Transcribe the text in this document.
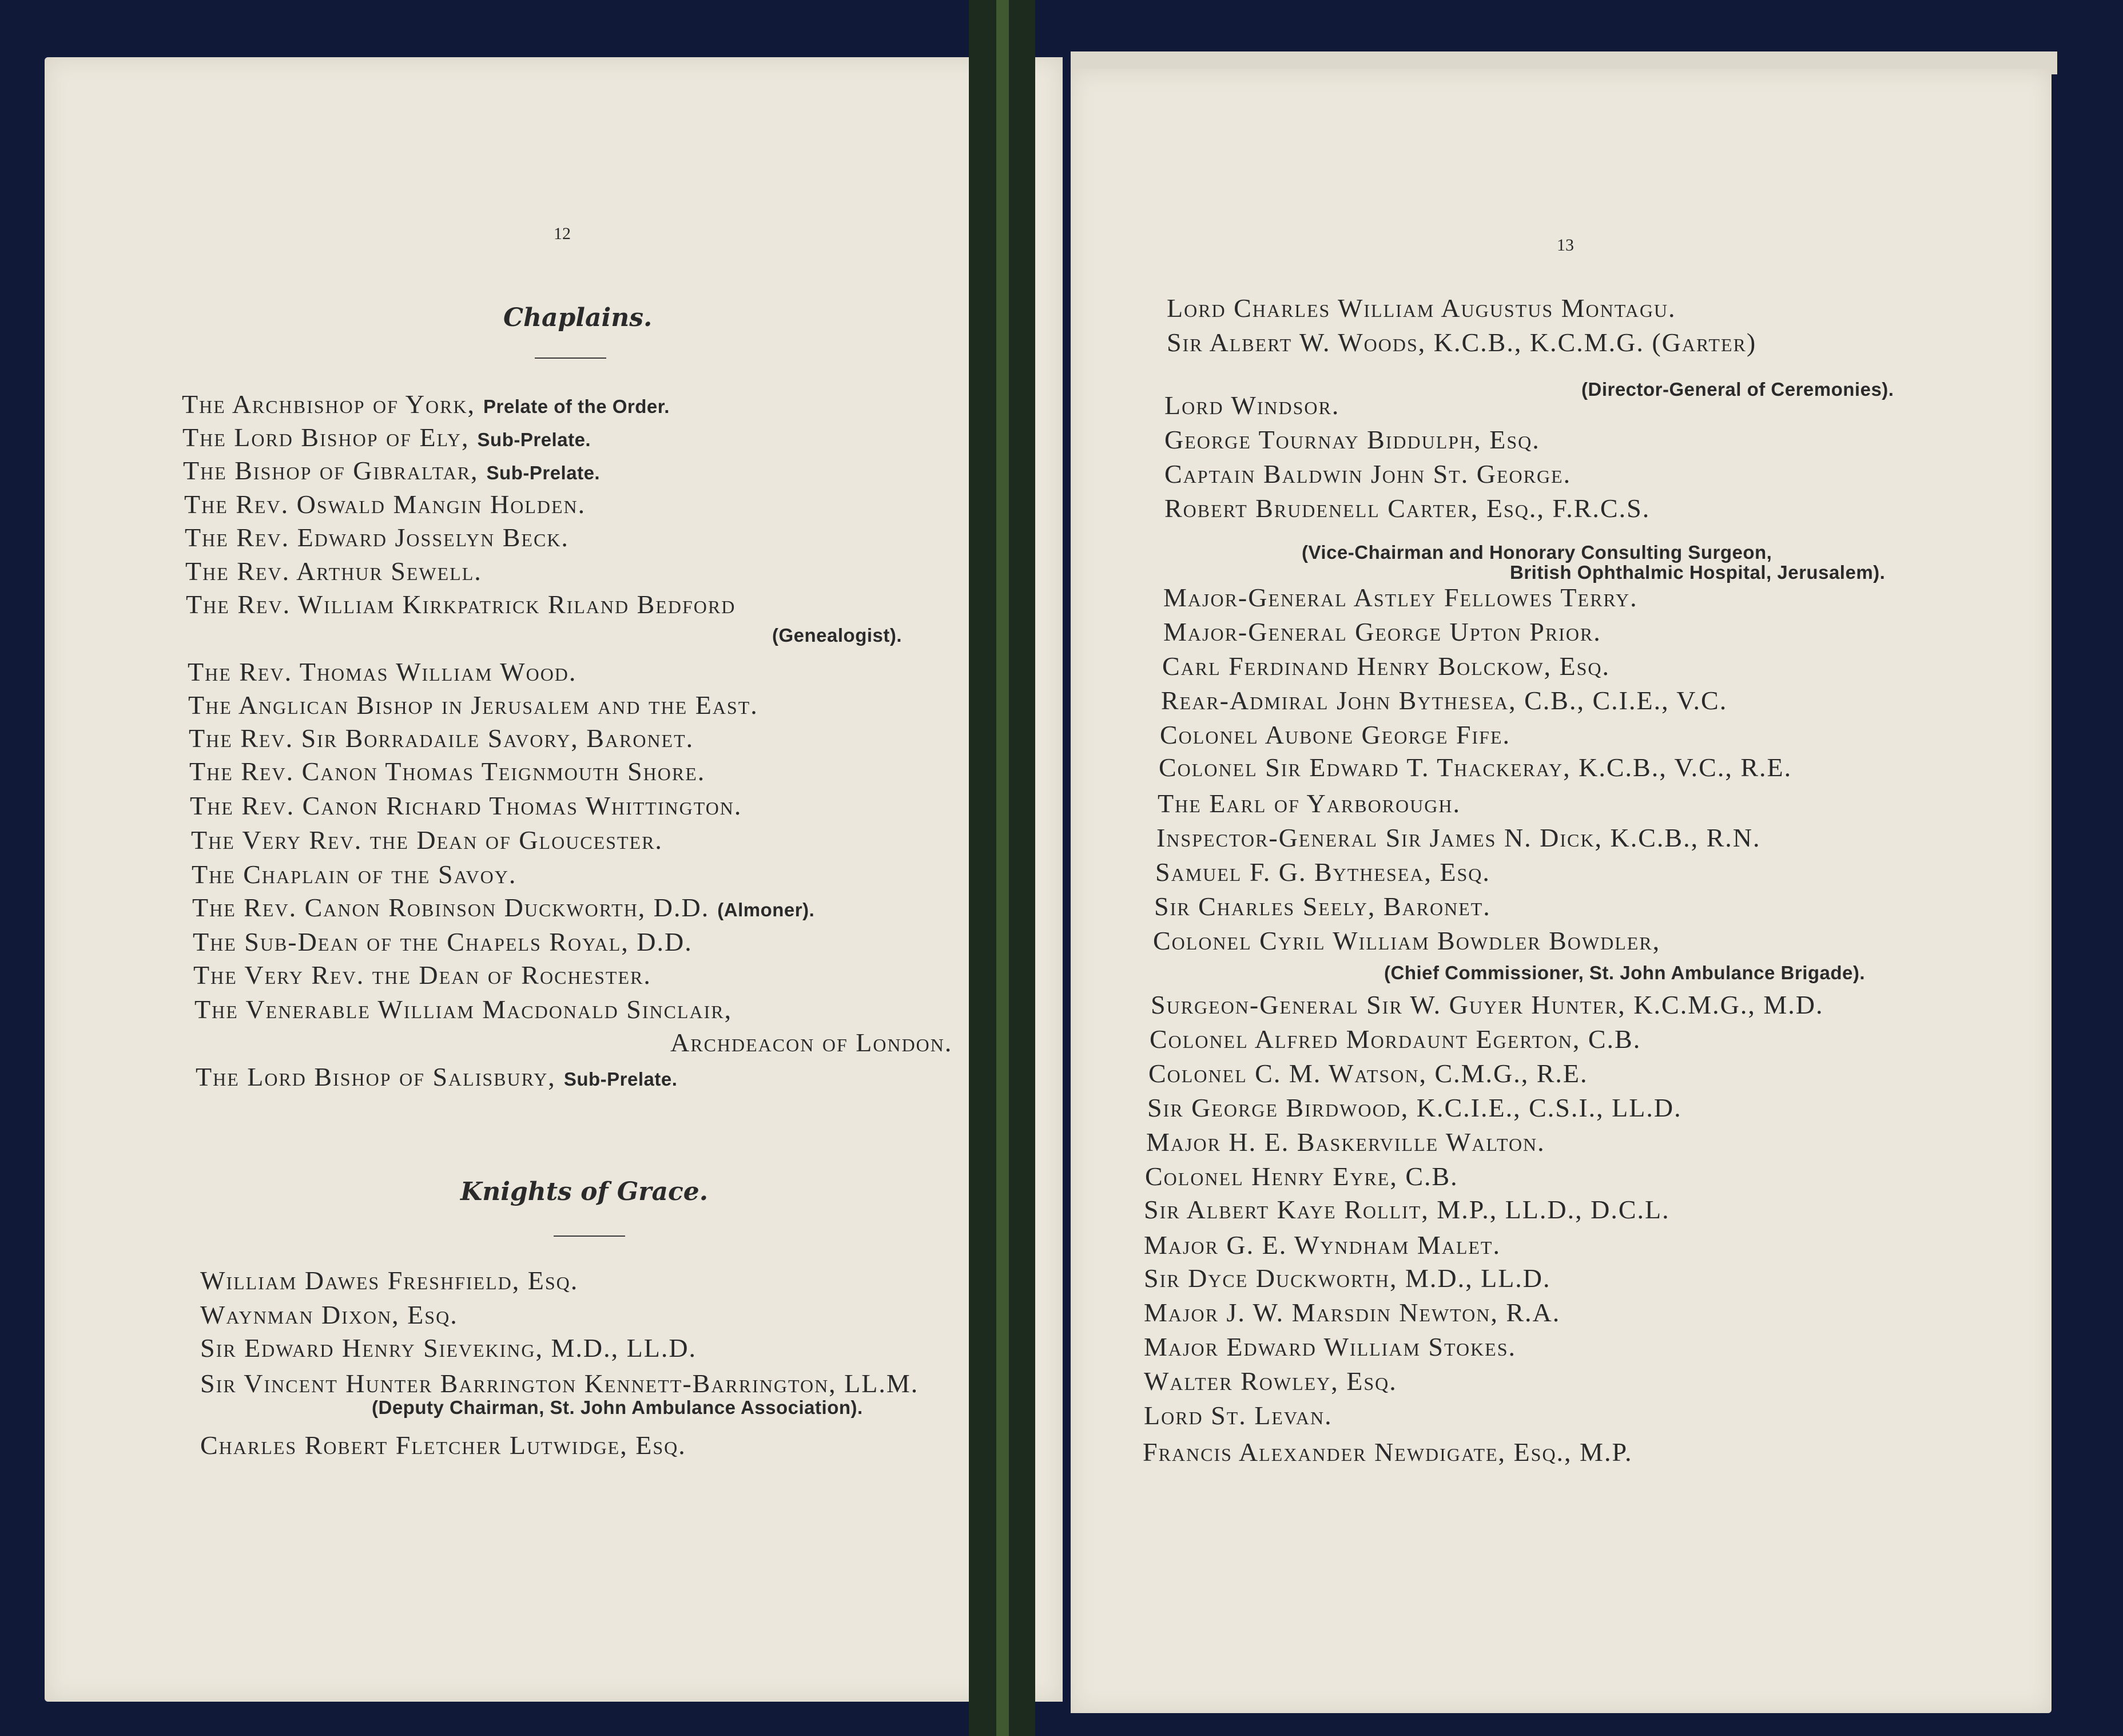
12
Chaplains.
The Archbishop of York, Prelate of the Order.
The Lord Bishop of Ely, Sub-Prelate.
The Bishop of Gibraltar, Sub-Prelate.
The Rev. Oswald Mangin Holden.
The Rev. Edward Josselyn Beck.
The Rev. Arthur Sewell.
The Rev. William Kirkpatrick Riland Bedford
(Genealogist).
The Rev. Thomas William Wood.
The Anglican Bishop in Jerusalem and the East.
The Rev. Sir Borradaile Savory, Baronet.
The Rev. Canon Thomas Teignmouth Shore.
The Rev. Canon Richard Thomas Whittington.
The Very Rev. the Dean of Gloucester.
The Chaplain of the Savoy.
The Rev. Canon Robinson Duckworth, D.D. (Almoner).
The Sub-Dean of the Chapels Royal, D.D.
The Very Rev. the Dean of Rochester.
The Venerable William Macdonald Sinclair,
Archdeacon of London.
The Lord Bishop of Salisbury, Sub-Prelate.
Knights of Grace.
William Dawes Freshfield, Esq.
Waynman Dixon, Esq.
Sir Edward Henry Sieveking, M.D., LL.D.
Sir Vincent Hunter Barrington Kennett-Barrington, LL.M.
(Deputy Chairman, St. John Ambulance Association).
Charles Robert Fletcher Lutwidge, Esq.
13
Lord Charles William Augustus Montagu.
Sir Albert W. Woods, K.C.B., K.C.M.G. (Garter)
(Director-General of Ceremonies).
Lord Windsor.
George Tournay Biddulph, Esq.
Captain Baldwin John St. George.
Robert Brudenell Carter, Esq., F.R.C.S.
(Vice-Chairman and Honorary Consulting Surgeon,
British Ophthalmic Hospital, Jerusalem).
Major-General Astley Fellowes Terry.
Major-General George Upton Prior.
Carl Ferdinand Henry Bolckow, Esq.
Rear-Admiral John Bythesea, C.B., C.I.E., V.C.
Colonel Aubone George Fife.
Colonel Sir Edward T. Thackeray, K.C.B., V.C., R.E.
The Earl of Yarborough.
Inspector-General Sir James N. Dick, K.C.B., R.N.
Samuel F. G. Bythesea, Esq.
Sir Charles Seely, Baronet.
Colonel Cyril William Bowdler Bowdler,
(Chief Commissioner, St. John Ambulance Brigade).
Surgeon-General Sir W. Guyer Hunter, K.C.M.G., M.D.
Colonel Alfred Mordaunt Egerton, C.B.
Colonel C. M. Watson, C.M.G., R.E.
Sir George Birdwood, K.C.I.E., C.S.I., LL.D.
Major H. E. Baskerville Walton.
Colonel Henry Eyre, C.B.
Sir Albert Kaye Rollit, M.P., LL.D., D.C.L.
Major G. E. Wyndham Malet.
Sir Dyce Duckworth, M.D., LL.D.
Major J. W. Marsdin Newton, R.A.
Major Edward William Stokes.
Walter Rowley, Esq.
Lord St. Levan.
Francis Alexander Newdigate, Esq., M.P.
